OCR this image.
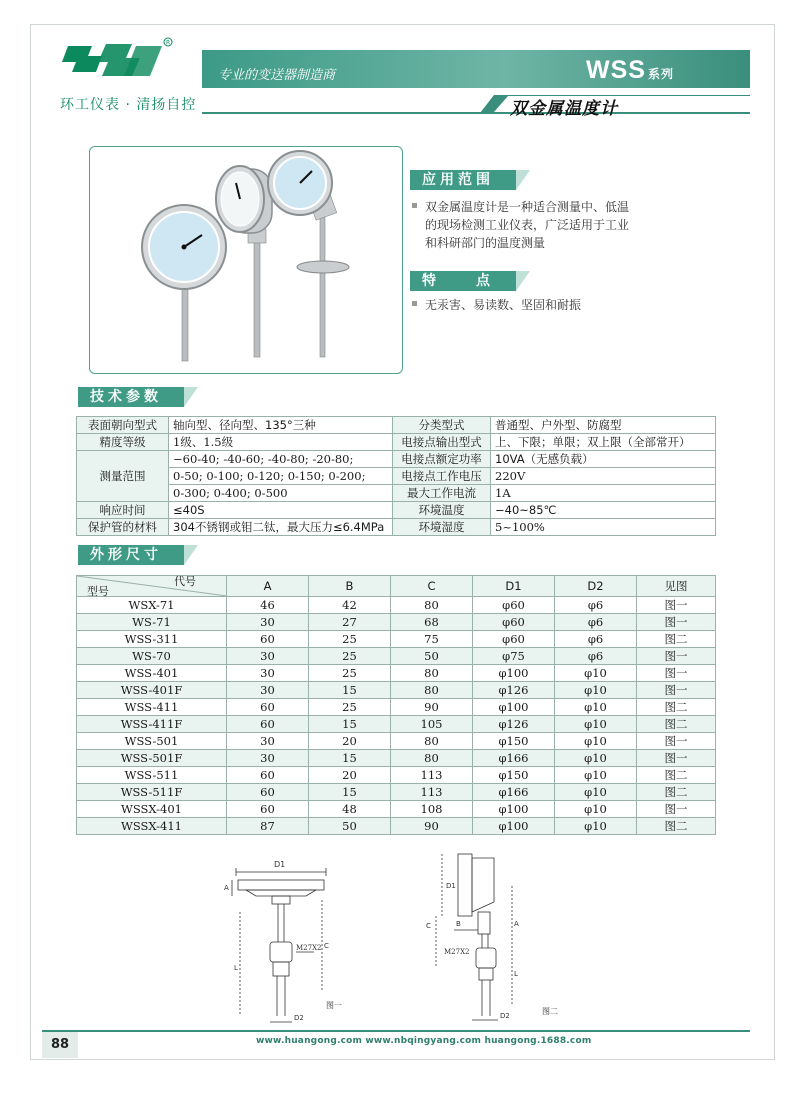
R
环工仪表 · 清扬自控
专业的变送器制造商	WSS 系列
双金属温度计
应用范围
双金属温度计是一种适合测量中、低温
的现场检测工业仪表，广泛适用于工业
和科研部门的温度测量
特　　点
无汞害、易读数、坚固和耐振
技术参数
表面朝向型式	轴向型、径向型、135°三种	分类型式	普通型、户外型、防腐型
精度等级	1级、1.5级	电接点输出型式	上、下限；单限；双上限（全部常开）
测量范围	−60-40; -40-60; -40-80; -20-80;	电接点额定功率	10VA（无感负载）
	0-50; 0-100; 0-120; 0-150; 0-200;	电接点工作电压	220V
	0-300; 0-400; 0-500	最大工作电流	1A
响应时间	≤40S	环境温度	−40~85℃
保护管的材料	304不锈钢或钼二钛，最大压力≤6.4MPa	环境湿度	5~100%
外形尺寸
代号
型号	A	B	C	D1	D2	见图
WSX-71	46	42	80	φ60	φ6	图一
WS-71	30	27	68	φ60	φ6	图一
WSS-311	60	25	75	φ60	φ6	图二
WS-70	30	25	50	φ75	φ6	图一
WSS-401	30	25	80	φ100	φ10	图一
WSS-401F	30	15	80	φ126	φ10	图一
WSS-411	60	25	90	φ100	φ10	图二
WSS-411F	60	15	105	φ126	φ10	图二
WSS-501	30	20	80	φ150	φ10	图一
WSS-501F	30	15	80	φ166	φ10	图一
WSS-511	60	20	113	φ150	φ10	图二
WSS-511F	60	15	113	φ166	φ10	图二
WSSX-401	60	48	108	φ100	φ10	图一
WSSX-411	87	50	90	φ100	φ10	图二
D1
A
C
L
M27X2
D2
图一
D1
C	B	A
M27X2
L
D2	图二
88	www.huangong.com www.nbqingyang.com huangong.1688.com
